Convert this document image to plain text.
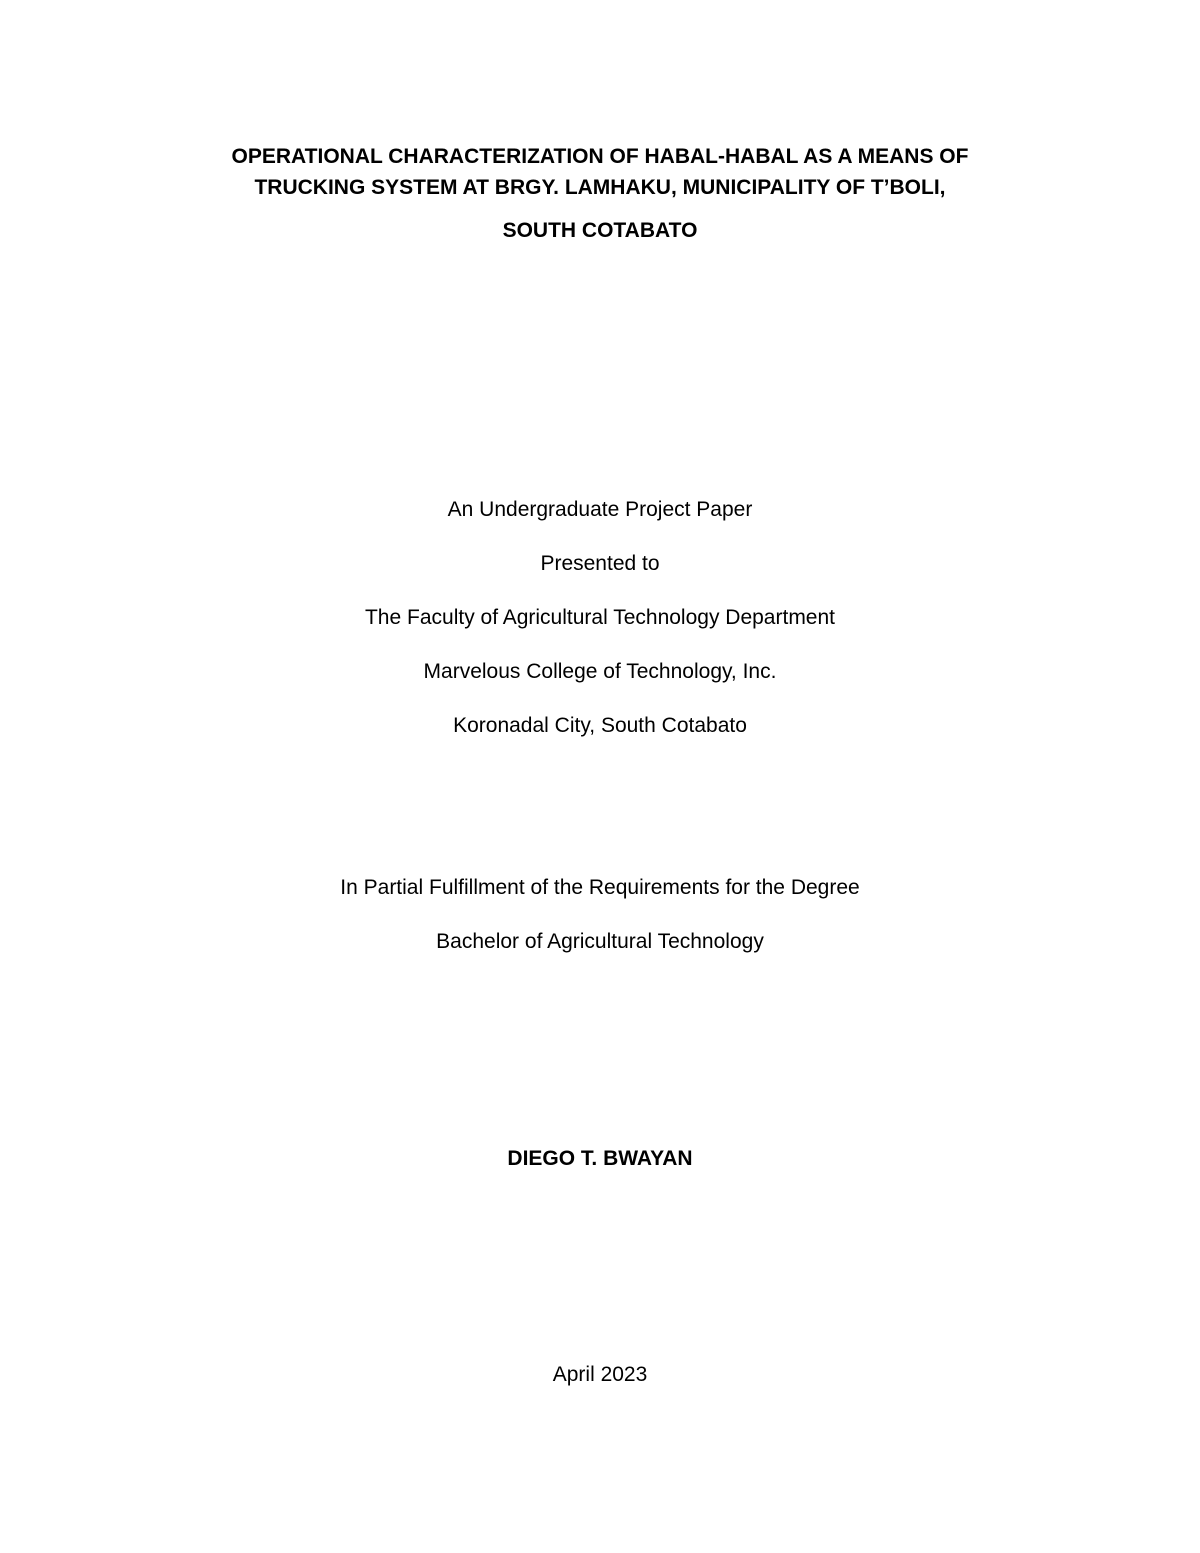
OPERATIONAL CHARACTERIZATION OF HABAL-HABAL AS A MEANS OF
TRUCKING SYSTEM AT BRGY. LAMHAKU, MUNICIPALITY OF T’BOLI,
SOUTH COTABATO
An Undergraduate Project Paper
Presented to
The Faculty of Agricultural Technology Department
Marvelous College of Technology, Inc.
Koronadal City, South Cotabato
In Partial Fulfillment of the Requirements for the Degree
Bachelor of Agricultural Technology
DIEGO T. BWAYAN
April 2023
